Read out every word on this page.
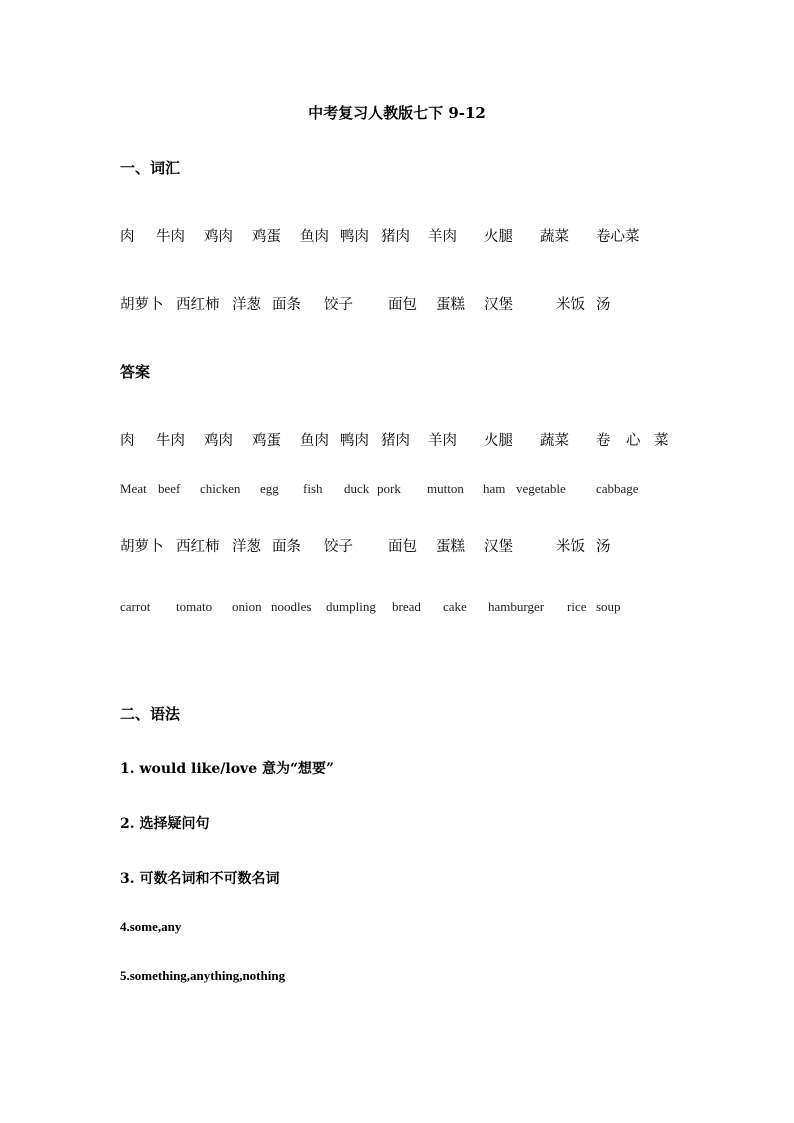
中考复习人教版七下 9-12
一、词汇
肉 牛肉 鸡肉 鸡蛋 鱼肉 鸭肉 猪肉 羊肉 火腿 蔬菜 卷心菜
胡萝卜 西红柿 洋葱 面条 饺子 面包 蛋糕 汉堡	米饭 汤
答案
肉 牛肉 鸡肉 鸡蛋 鱼肉 鸭肉 猪肉 羊肉 火腿 蔬菜 卷 心 菜
Meat beef chicken egg fish duck pork mutton ham vegetable cabbage
胡萝卜 西红柿 洋葱 面条 饺子 面包 蛋糕 汉堡	米饭 汤
carrot tomato onion noodles dumpling bread cake hamburger rice soup
二、语法
1. would like/love 意为“想要”
2. 选择疑问句
3. 可数名词和不可数名词
4.some,any
5.something,anything,nothing
